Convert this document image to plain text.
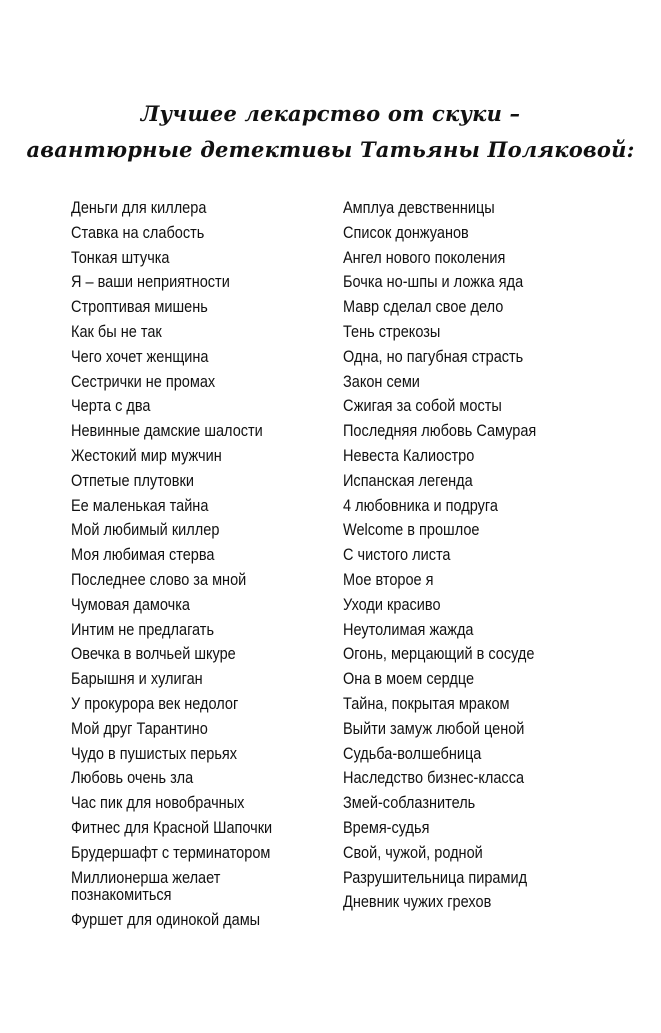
Лучшее лекарство от скуки –
авантюрные детективы Татьяны Поляковой:
Деньги для киллера
Ставка на слабость
Тонкая штучка
Я – ваши неприятности
Строптивая мишень
Как бы не так
Чего хочет женщина
Сестрички не промах
Черта с два
Невинные дамские шалости
Жестокий мир мужчин
Отпетые плутовки
Ее маленькая тайна
Мой любимый киллер
Моя любимая стерва
Последнее слово за мной
Чумовая дамочка
Интим не предлагать
Овечка в волчьей шкуре
Барышня и хулиган
У прокурора век недолог
Мой друг Тарантино
Чудо в пушистых перьях
Любовь очень зла
Час пик для новобрачных
Фитнес для Красной Шапочки
Брудершафт с терминатором
Миллионерша желает познакомиться
Фуршет для одинокой дамы
Амплуа девственницы
Список донжуанов
Ангел нового поколения
Бочка но-шпы и ложка яда
Мавр сделал свое дело
Тень стрекозы
Одна, но пагубная страсть
Закон семи
Сжигая за собой мосты
Последняя любовь Самурая
Невеста Калиостро
Испанская легенда
4 любовника и подруга
Welcome в прошлое
С чистого листа
Мое второе я
Уходи красиво
Неутолимая жажда
Огонь, мерцающий в сосуде
Она в моем сердце
Тайна, покрытая мраком
Выйти замуж любой ценой
Судьба-волшебница
Наследство бизнес-класса
Змей-соблазнитель
Время-судья
Свой, чужой, родной
Разрушительница пирамид
Дневник чужих грехов
